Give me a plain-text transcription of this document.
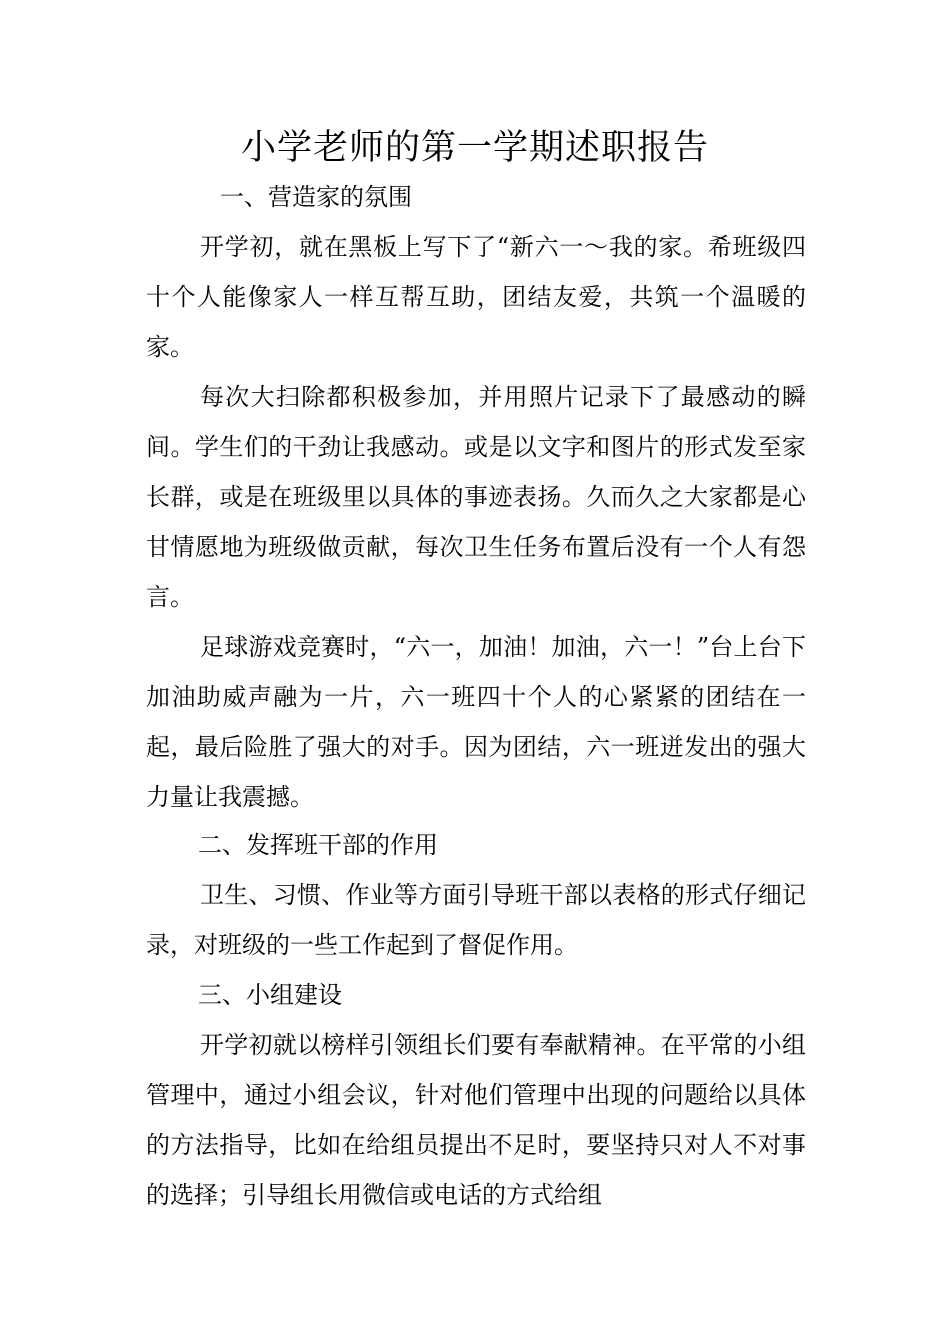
小学老师的第一学期述职报告

一、营造家的氛围

开学初，就在黑板上写下了“新六一～我的家。希班级四十个人能像家人一样互帮互助，团结友爱，共筑一个温暖的家。

每次大扫除都积极参加，并用照片记录下了最感动的瞬间。学生们的干劲让我感动。或是以文字和图片的形式发至家长群，或是在班级里以具体的事迹表扬。久而久之大家都是心甘情愿地为班级做贡献，每次卫生任务布置后没有一个人有怨言。

足球游戏竞赛时，“六一，加油！加油，六一！”台上台下加油助威声融为一片，六一班四十个人的心紧紧的团结在一起，最后险胜了强大的对手。因为团结，六一班迸发出的强大力量让我震撼。

二、发挥班干部的作用

卫生、习惯、作业等方面引导班干部以表格的形式仔细记录，对班级的一些工作起到了督促作用。

三、小组建设

开学初就以榜样引领组长们要有奉献精神。在平常的小组管理中，通过小组会议，针对他们管理中出现的问题给以具体的方法指导，比如在给组员提出不足时，要坚持只对人不对事的选择；引导组长用微信或电话的方式给组
